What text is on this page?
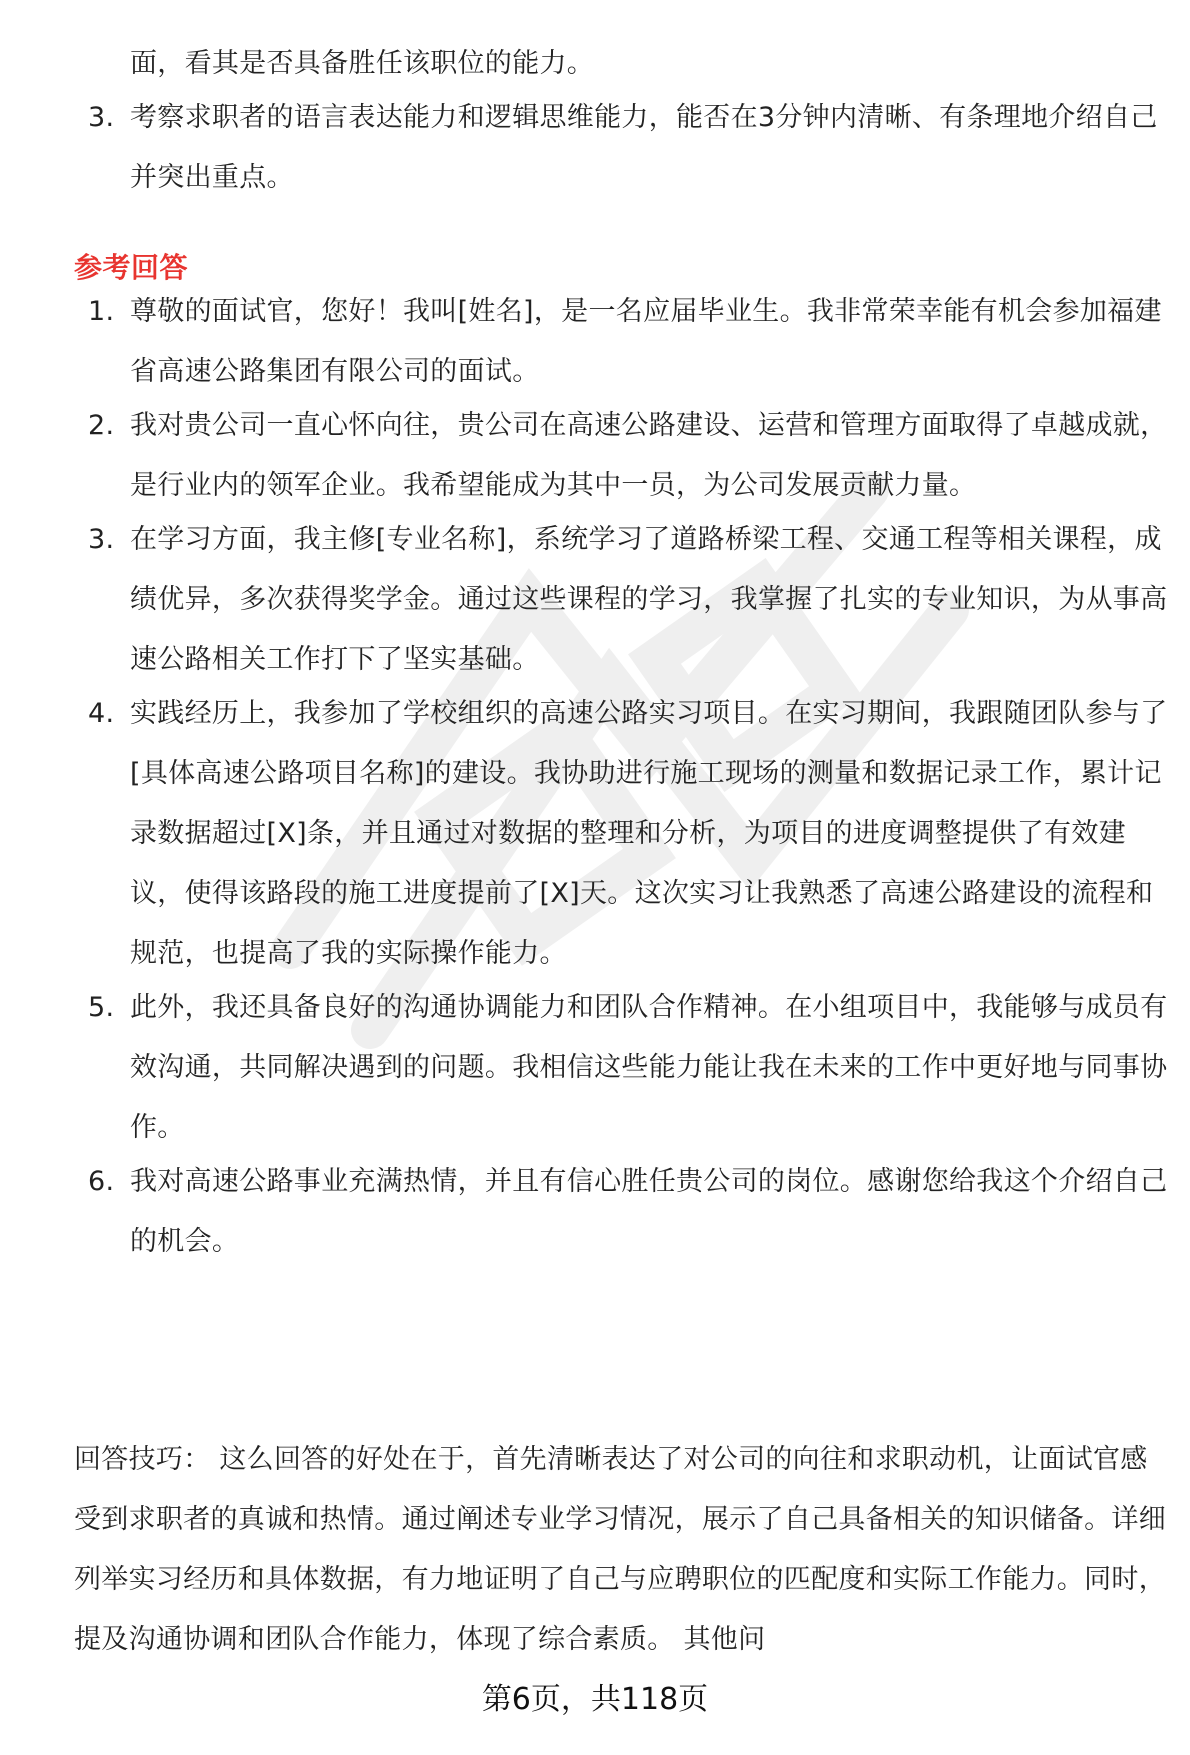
面，看其是否具备胜任该职位的能力。
3. 考察求职者的语言表达能力和逻辑思维能力，能否在3分钟内清晰、有条理地介绍自己并突出重点。
参考回答
1. 尊敬的面试官，您好！我叫[姓名]，是一名应届毕业生。我非常荣幸能有机会参加福建省高速公路集团有限公司的面试。
2. 我对贵公司一直心怀向往，贵公司在高速公路建设、运营和管理方面取得了卓越成就，是行业内的领军企业。我希望能成为其中一员，为公司发展贡献力量。
3. 在学习方面，我主修[专业名称]，系统学习了道路桥梁工程、交通工程等相关课程，成绩优异，多次获得奖学金。通过这些课程的学习，我掌握了扎实的专业知识，为从事高速公路相关工作打下了坚实基础。
4. 实践经历上，我参加了学校组织的高速公路实习项目。在实习期间，我跟随团队参与了[具体高速公路项目名称]的建设。我协助进行施工现场的测量和数据记录工作，累计记录数据超过[X]条，并且通过对数据的整理和分析，为项目的进度调整提供了有效建议，使得该路段的施工进度提前了[X]天。这次实习让我熟悉了高速公路建设的流程和规范，也提高了我的实际操作能力。
5. 此外，我还具备良好的沟通协调能力和团队合作精神。在小组项目中，我能够与成员有效沟通，共同解决遇到的问题。我相信这些能力能让我在未来的工作中更好地与同事协作。
6. 我对高速公路事业充满热情，并且有信心胜任贵公司的岗位。感谢您给我这个介绍自己的机会。

回答技巧： 这么回答的好处在于，首先清晰表达了对公司的向往和求职动机，让面试官感受到求职者的真诚和热情。通过阐述专业学习情况，展示了自己具备相关的知识储备。详细列举实习经历和具体数据，有力地证明了自己与应聘职位的匹配度和实际工作能力。同时，提及沟通协调和团队合作能力，体现了综合素质。 其他问

第6页，共118页
